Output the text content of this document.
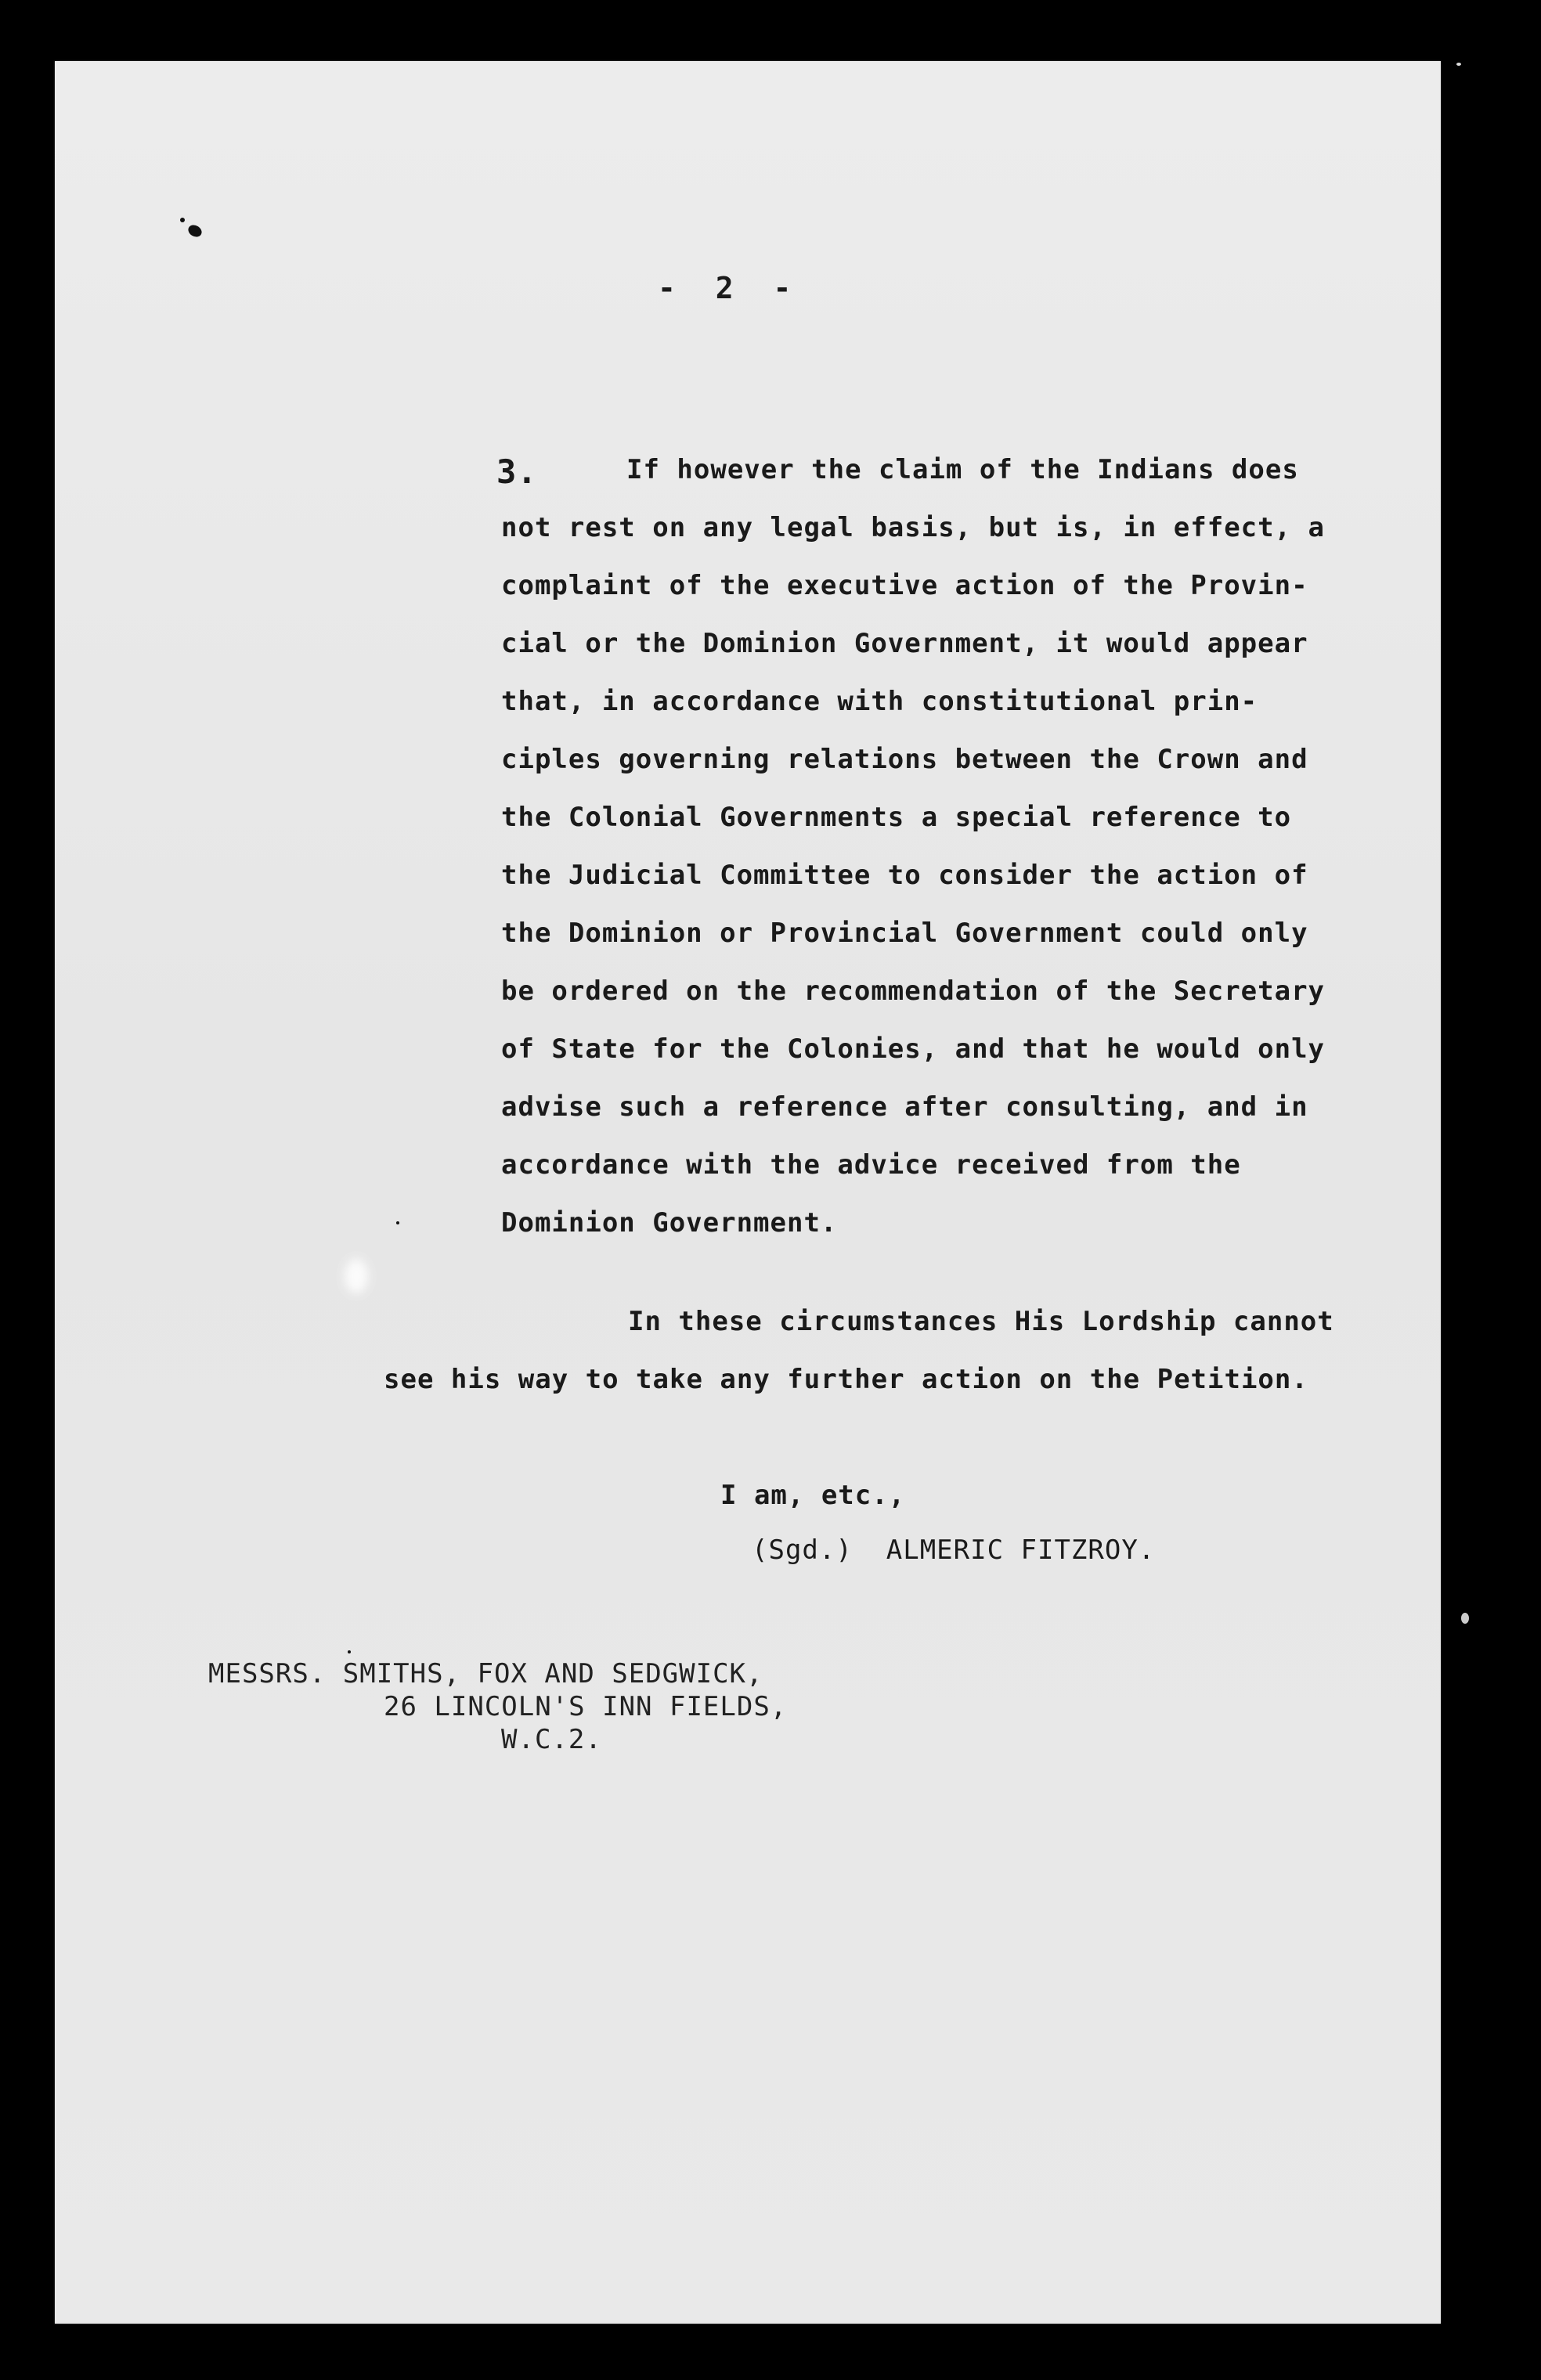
- 2 -
3.	If however the claim of the Indians does
not rest on any legal basis, but is, in effect, a
complaint of the executive action of the Provin-
cial or the Dominion Government, it would appear
that, in accordance with constitutional prin-
ciples governing relations between the Crown and
the Colonial Governments a special reference to
the Judicial Committee to consider the action of
the Dominion or Provincial Government could only
be ordered on the recommendation of the Secretary
of State for the Colonies, and that he would only
advise such a reference after consulting, and in
accordance with the advice received from the
Dominion Government.
In these circumstances His Lordship cannot
see his way to take any further action on the Petition.
I am, etc.,
(Sgd.)  ALMERIC FITZROY.
MESSRS. SMITHS, FOX AND SEDGWICK,
26 LINCOLN'S INN FIELDS,
W.C.2.
